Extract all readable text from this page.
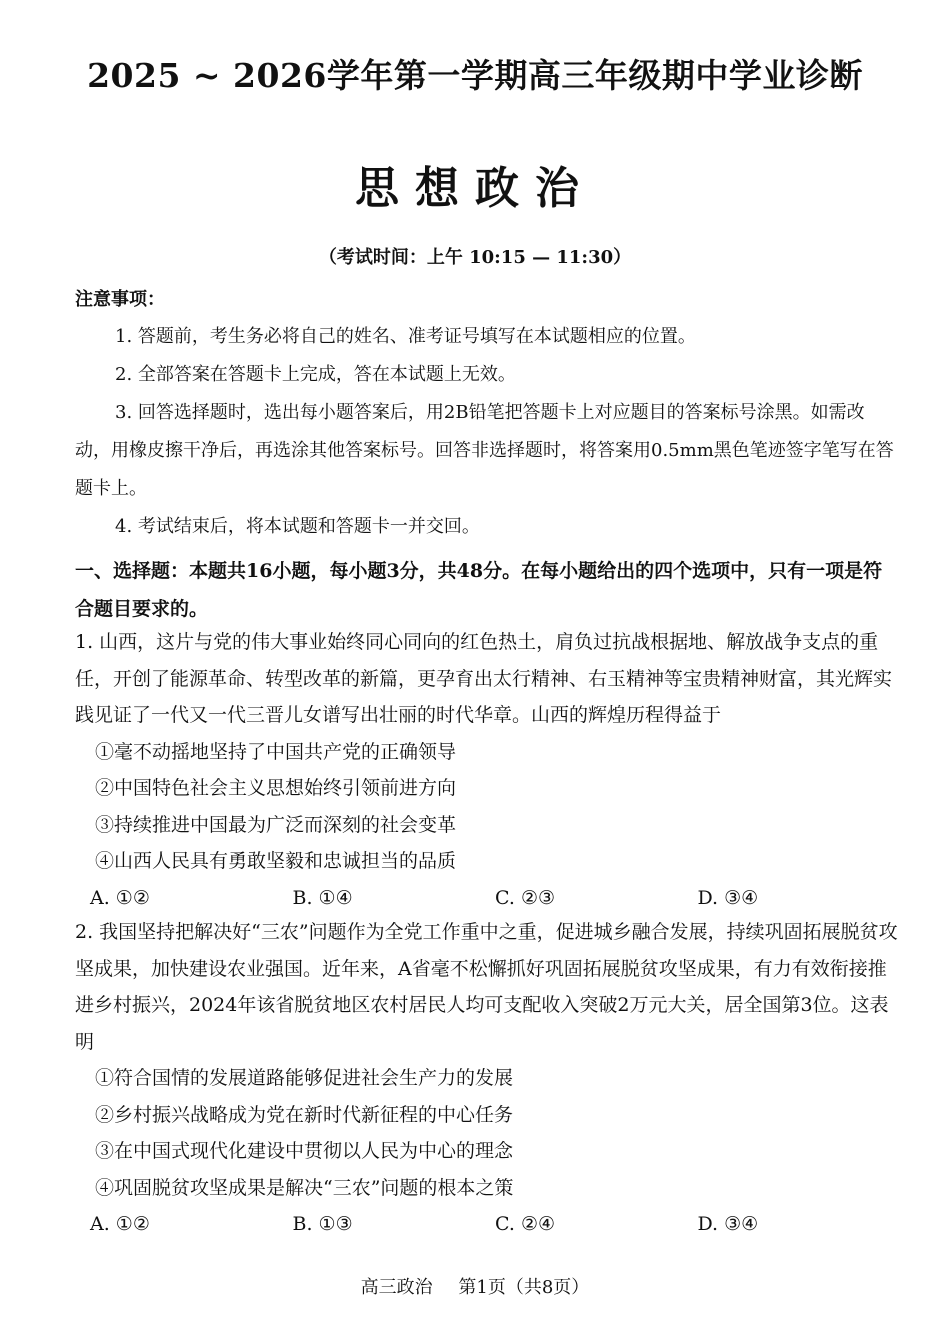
2025 ~ 2026学年第一学期高三年级期中学业诊断
思想政治
（考试时间：上午 10:15 — 11:30）
注意事项：

1. 答题前，考生务必将自己的姓名、准考证号填写在本试题相应的位置。

2. 全部答案在答题卡上完成，答在本试题上无效。

3. 回答选择题时，选出每小题答案后，用2B铅笔把答题卡上对应题目的答案标号涂黑。如需改动，用橡皮擦干净后，再选涂其他答案标号。回答非选择题时，将答案用0.5mm黑色笔迹签字笔写在答题卡上。

4. 考试结束后，将本试题和答题卡一并交回。

一、选择题：本题共16小题，每小题3分，共48分。在每小题给出的四个选项中，只有一项是符合题目要求的。

1. 山西，这片与党的伟大事业始终同心同向的红色热土，肩负过抗战根据地、解放战争支点的重任，开创了能源革命、转型改革的新篇，更孕育出太行精神、右玉精神等宝贵精神财富，其光辉实践见证了一代又一代三晋儿女谱写出壮丽的时代华章。山西的辉煌历程得益于

①毫不动摇地坚持了中国共产党的正确领导

②中国特色社会主义思想始终引领前进方向

③持续推进中国最为广泛而深刻的社会变革

④山西人民具有勇敢坚毅和忠诚担当的品质

A. ①②	B. ①④	C. ②③	D. ③④

2. 我国坚持把解决好“三农”问题作为全党工作重中之重，促进城乡融合发展，持续巩固拓展脱贫攻坚成果，加快建设农业强国。近年来，A省毫不松懈抓好巩固拓展脱贫攻坚成果，有力有效衔接推进乡村振兴，2024年该省脱贫地区农村居民人均可支配收入突破2万元大关，居全国第3位。这表明

①符合国情的发展道路能够促进社会生产力的发展

②乡村振兴战略成为党在新时代新征程的中心任务

③在中国式现代化建设中贯彻以人民为中心的理念

④巩固脱贫攻坚成果是解决“三农”问题的根本之策

A. ①②	B. ①③	C. ②④	D. ③④
高三政治 第1页（共8页）
